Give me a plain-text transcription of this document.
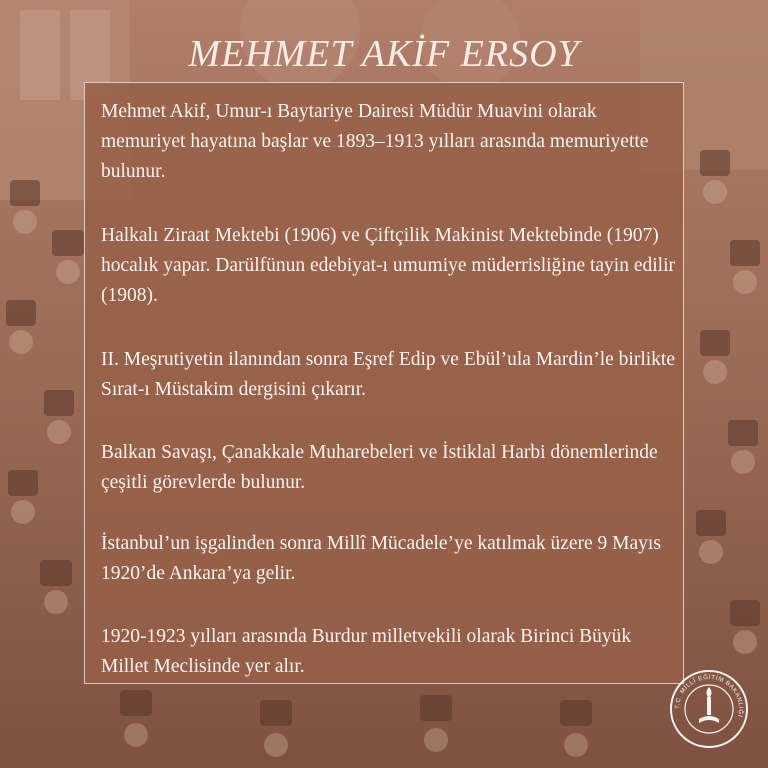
MEHMET AKİF ERSOY

Mehmet Akif, Umur-ı Baytariye Dairesi Müdür Muavini olarak memuriyet hayatına başlar ve 1893–1913 yılları arasında memuriyette bulunur.

Halkalı Ziraat Mektebi (1906) ve Çiftçilik Makinist Mektebinde (1907) hocalık yapar. Darülfünun edebiyat-ı umumiye müderrisliğine tayin edilir (1908).

II. Meşrutiyetin ilanından sonra Eşref Edip ve Ebül’ula Mardin’le birlikte Sırat-ı Müstakim dergisini çıkarır.

Balkan Savaşı, Çanakkale Muharebeleri ve İstiklal Harbi dönemlerinde çeşitli görevlerde bulunur.

İstanbul’un işgalinden sonra Millî Mücadele’ye katılmak üzere 9 Mayıs 1920’de Ankara’ya gelir.

1920-1923 yılları arasında Burdur milletvekili olarak Birinci Büyük Millet Meclisinde yer alır.

T.C. MİLLÎ EĞİTİM BAKANLIĞI
